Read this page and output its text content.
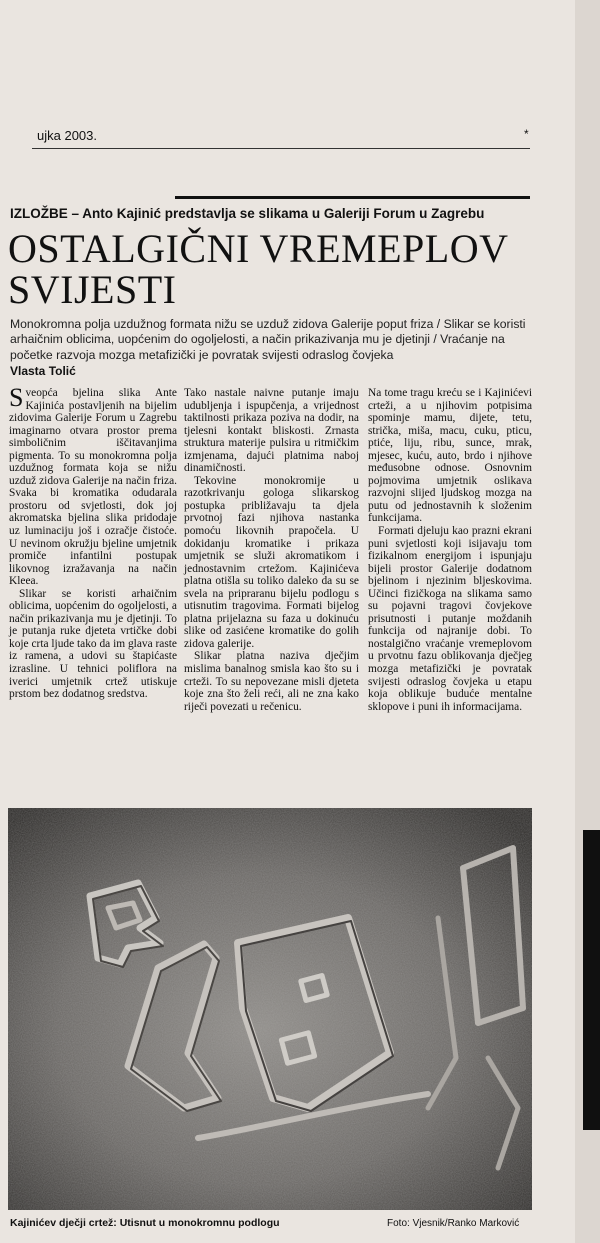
ujka 2003.	*
IZLOŽBE – Anto Kajinić predstavlja se slikama u Galeriji Forum u Zagrebu
OSTALGIČNI VREMEPLOV
SVIJESTI
Monokromna polja uzdužnog formata nižu se uzduž zidova Galerije poput friza / Slikar se koristi arhaičnim oblicima, uopćenim do ogoljelosti, a način prikazivanja mu je djetinji / Vraćanje na početke razvoja mozga metafizički je povratak svijesti odraslog čovjeka
Vlasta Tolić

Sveopća bjelina slika Ante Kajinića postavljenih na bijelim zidovima Galerije Forum u Zagrebu imaginarno otvara prostor prema simboličnim iščitavanjima pigmenta. To su monokromna polja uzdužnog formata koja se nižu uzduž zidova Galerije na način friza. Svaka bi kromatika odudarala prostoru od svjetlosti, dok joj akromatska bjelina slika pridodaje uz luminaciju još i ozračje čistoće. U nevinom okružju bjeline umjetnik promiče infantilni postupak likovnog izražavanja na način Kleea.

Slikar se koristi arhaičnim oblicima, uopćenim do ogoljelosti, a način prikazivanja mu je djetinji. To je putanja ruke djeteta vrtičke dobi koje crta ljude tako da im glava raste iz ramena, a udovi su štapićaste izrasline. U tehnici poliflora na iverici umjetnik crtež utiskuje prstom bez dodatnog sredstva.

Tako nastale naivne putanje imaju udubljenja i ispupčenja, a vrijednost taktilnosti prikaza poziva na dodir, na tjelesni kontakt bliskosti. Zrnasta struktura materije pulsira u ritmičkim izmjenama, dajući platnima naboj dinamičnosti.

Tekovine monokromije u razotkrivanju gologa slikarskog postupka približavaju ta djela prvotnoj fazi njihova nastanka pomoću likovnih prapočela. U dokidanju kromatike i prikaza umjetnik se služi akromatikom i jednostavnim crtežom. Kajinićeva platna otišla su toliko daleko da su se svela na pripraranu bijelu podlogu s utisnutim tragovima. Formati bijelog platna prijelazna su faza u dokinuću slike od zasićene kromatike do golih zidova galerije.

Slikar platna naziva dječjim mislima banalnog smisla kao što su i crteži. To su nepovezane misli djeteta koje zna što želi reći, ali ne zna kako riječi povezati u rečenicu.

Na tome tragu kreću se i Kajinićevi crteži, a u njihovim potpisima spominje mamu, dijete, tetu, strička, miša, macu, cuku, pticu, ptiće, liju, ribu, sunce, mrak, mjesec, kuću, auto, brdo i njihove međusobne odnose. Osnovnim pojmovima umjetnik oslikava razvojni slijed ljudskog mozga na putu od jednostavnih k složenim funkcijama.

Formati djeluju kao prazni ekrani puni svjetlosti koji isijavaju tom fizikalnom energijom i ispunjaju bijeli prostor Galerije dodatnom bjelinom i njezinim bljeskovima. Učinci fizičkoga na slikama samo su pojavni tragovi čovjekove prisutnosti i putanje moždanih funkcija od najranije dobi. To nostalgično vraćanje vremeplovom u prvotnu fazu oblikovanja dječjeg mozga metafizički je povratak svijesti odraslog čovjeka u etapu koja oblikuje buduće mentalne sklopove i puni ih informacijama.

Kajinićev dječji crtež: Utisnut u monokromnu podlogu	Foto: Vjesnik/Ranko Marković
